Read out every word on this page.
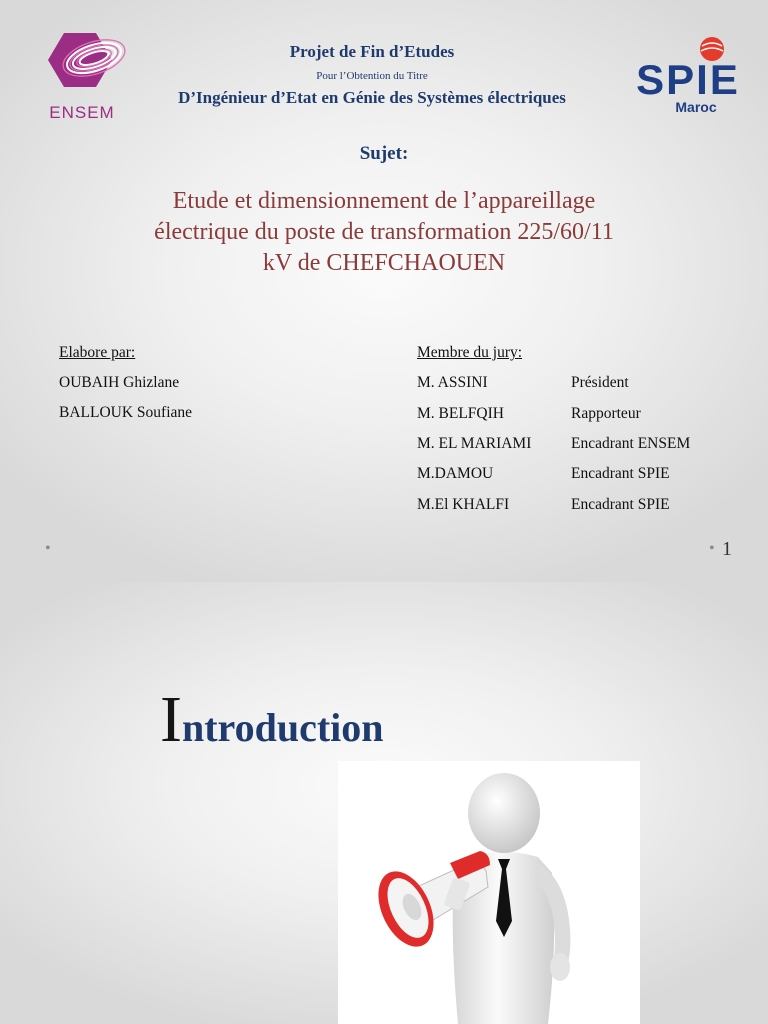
ENSEM
SPIE
Maroc
Projet de Fin d’Etudes
Pour l’Obtention du Titre
D’Ingénieur d’Etat en Génie des Systèmes électriques
Sujet:
Etude et dimensionnement de l’appareillage
électrique du poste de transformation 225/60/11
kV de CHEFCHAOUEN
Elabore par:
OUBAIH Ghizlane
BALLOUK Soufiane
Membre du jury:
M. ASSINI	Président
M. BELFQIH	Rapporteur
M. EL MARIAMI	Encadrant ENSEM
M.DAMOU	Encadrant SPIE
M.El KHALFI	Encadrant SPIE
•	• 1
Introduction
